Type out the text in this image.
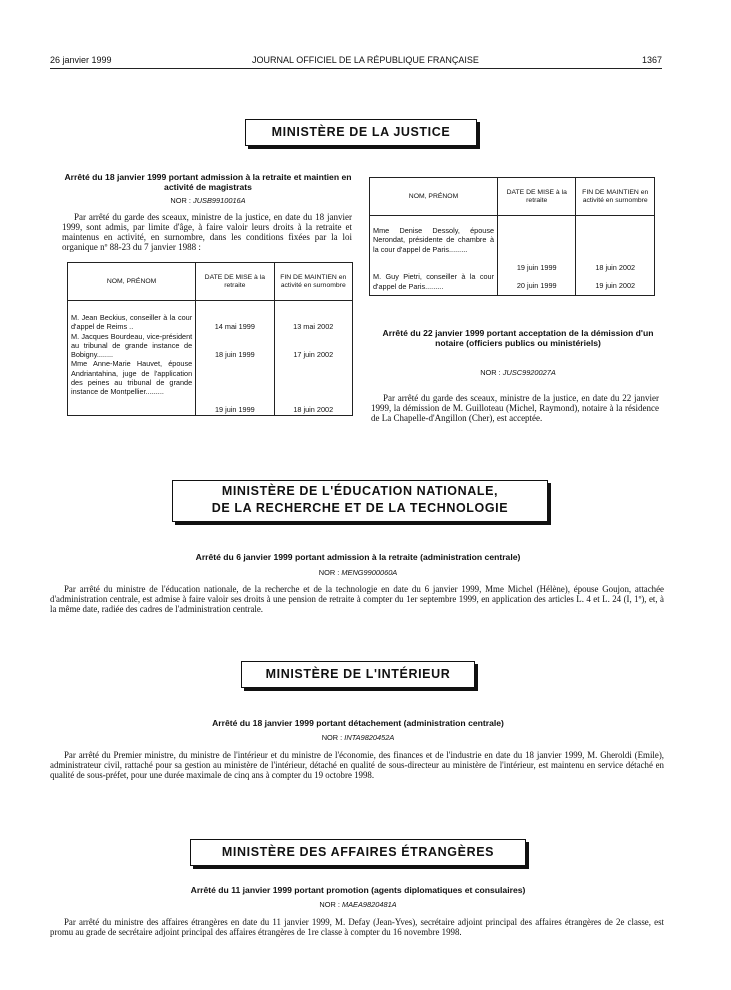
26 janvier 1999	JOURNAL OFFICIEL DE LA RÉPUBLIQUE FRANÇAISE	1367
MINISTÈRE DE LA JUSTICE
Arrêté du 18 janvier 1999 portant admission à la retraite et maintien en activité de magistrats
NOR : JUSB9910016A
Par arrêté du garde des sceaux, ministre de la justice, en date du 18 janvier 1999, sont admis, par limite d'âge, à faire valoir leurs droits à la retraite et maintenus en activité, en surnombre, dans les conditions fixées par la loi organique nº 88-23 du 7 janvier 1988 :
NOM, PRÉNOM	DATE DE MISE à la retraite	FIN DE MAINTIEN en activité en surnombre
M. Jean Beckius, conseiller à la cour d'appel de Reims ..	14 mai 1999	13 mai 2002
M. Jacques Bourdeau, vice-président au tribunal de grande instance de Bobigny........	18 juin 1999	17 juin 2002
Mme Anne-Marie Hauvet, épouse Andriantahina, juge de l'application des peines au tribunal de grande instance de Montpellier.........	19 juin 1999	18 juin 2002
NOM, PRÉNOM	DATE DE MISE à la retraite	FIN DE MAINTIEN en activité en surnombre
Mme Denise Dessoly, épouse Nerondat, présidente de chambre à la cour d'appel de Paris.........	19 juin 1999	18 juin 2002
M. Guy Pietri, conseiller à la cour d'appel de Paris.........	20 juin 1999	19 juin 2002
Arrêté du 22 janvier 1999 portant acceptation de la démission d'un notaire (officiers publics ou ministériels)
NOR : JUSC9920027A
Par arrêté du garde des sceaux, ministre de la justice, en date du 22 janvier 1999, la démission de M. Guilloteau (Michel, Raymond), notaire à la résidence de La Chapelle-d'Angillon (Cher), est acceptée.
MINISTÈRE DE L'ÉDUCATION NATIONALE,
DE LA RECHERCHE ET DE LA TECHNOLOGIE
Arrêté du 6 janvier 1999 portant admission à la retraite (administration centrale)
NOR : MENG9900060A
Par arrêté du ministre de l'éducation nationale, de la recherche et de la technologie en date du 6 janvier 1999, Mme Michel (Hélène), épouse Goujon, attachée d'administration centrale, est admise à faire valoir ses droits à une pension de retraite à compter du 1er septembre 1999, en application des articles L. 4 et L. 24 (I, 1º), et, à la même date, radiée des cadres de l'administration centrale.
MINISTÈRE DE L'INTÉRIEUR
Arrêté du 18 janvier 1999 portant détachement (administration centrale)
NOR : INTA9820452A
Par arrêté du Premier ministre, du ministre de l'intérieur et du ministre de l'économie, des finances et de l'industrie en date du 18 janvier 1999, M. Gheroldi (Emile), administrateur civil, rattaché pour sa gestion au ministère de l'intérieur, détaché en qualité de sous-directeur au ministère de l'intérieur, est maintenu en service détaché en qualité de sous-préfet, pour une durée maximale de cinq ans à compter du 19 octobre 1998.
MINISTÈRE DES AFFAIRES ÉTRANGÈRES
Arrêté du 11 janvier 1999 portant promotion (agents diplomatiques et consulaires)
NOR : MAEA9820481A
Par arrêté du ministre des affaires étrangères en date du 11 janvier 1999, M. Defay (Jean-Yves), secrétaire adjoint principal des affaires étrangères de 2e classe, est promu au grade de secrétaire adjoint principal des affaires étrangères de 1re classe à compter du 16 novembre 1998.
